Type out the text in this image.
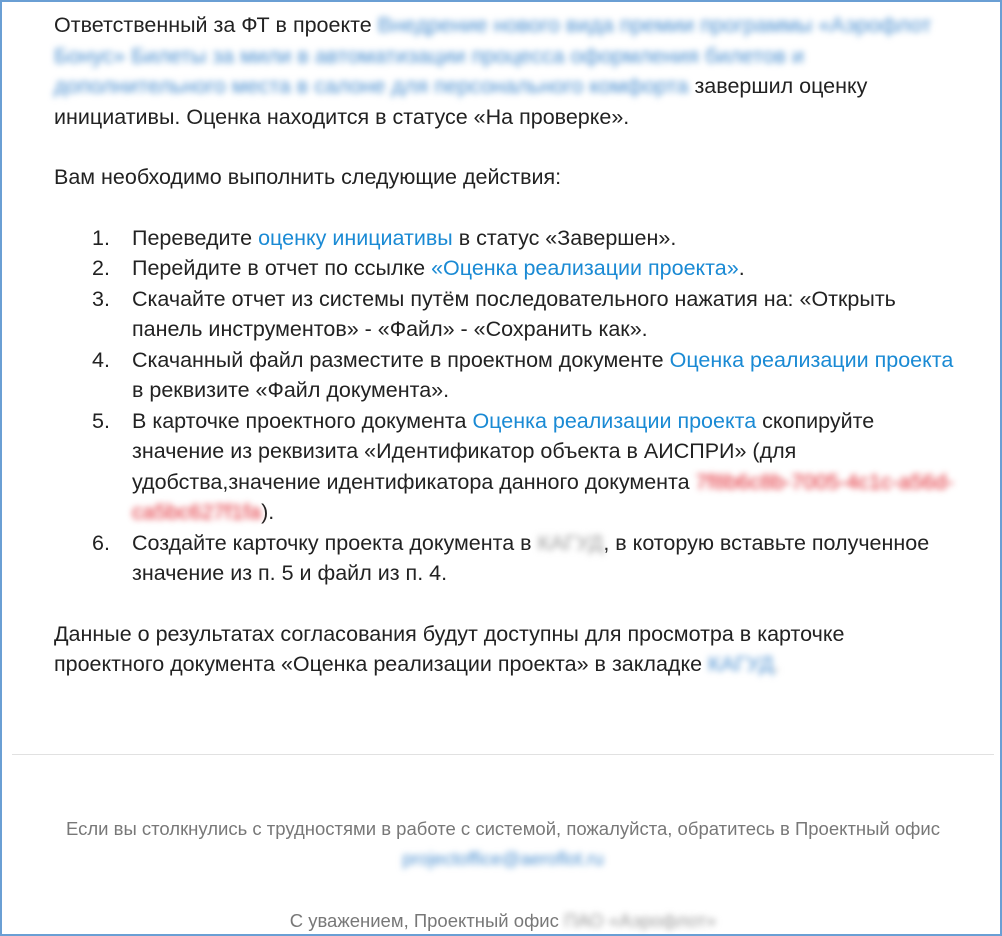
Ответственный за ФТ в проекте Внедрение нового вида премии программы «Аэрофлот Бонус» Билеты за мили в автоматизации процесса оформления билетов и дополнительного места в салоне для персонального комфорта завершил оценку инициативы. Оценка находится в статусе «На проверке».

Вам необходимо выполнить следующие действия:

1.	Переведите оценку инициативы в статус «Завершен».
2.	Перейдите в отчет по ссылке «Оценка реализации проекта».
3.	Скачайте отчет из системы путём последовательного нажатия на: «Открыть панель инструментов» - «Файл» - «Сохранить как».
4.	Скачанный файл разместите в проектном документе Оценка реализации проекта в реквизите «Файл документа».
5.	В карточке проектного документа Оценка реализации проекта скопируйте значение из реквизита «Идентификатор объекта в АИСПРИ» (для удобства,значение идентификатора данного документа 7f8b6c8b-7005-4c1c-a56d-ca5bc627f1fa).
6.	Создайте карточку проекта документа в КАГУД, в которую вставьте полученное значение из п. 5 и файл из п. 4.

Данные о результатах согласования будут доступны для просмотра в карточке проектного документа «Оценка реализации проекта» в закладке КАГУД.

Если вы столкнулись с трудностями в работе с системой, пожалуйста, обратитесь в Проектный офис projectoffice@aeroflot.ru

С уважением, Проектный офис ПАО «Аэрофлот»
